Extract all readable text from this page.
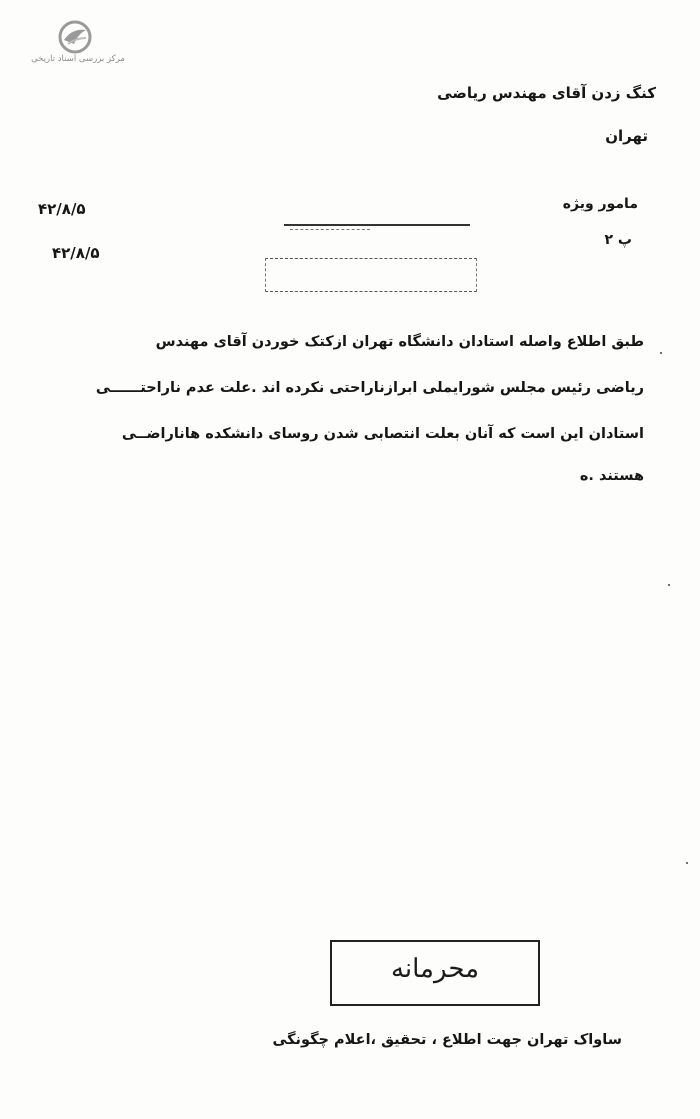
مرکز بررسی اسناد تاریخی
کنگ زدن آقای مهندس ریاضی
تهران
مامور ویژه
پ ۲
۴۲/۸/۵
۴۲/۸/۵
طبق اطلاع واصله استادان دانشگاه تهران ازکتک خوردن آقای مهندس
ریاضی رئیس مجلس شورایملی ابرازناراحتی نکرده اند .علت عدم ناراحتــــــی
استادان این است که آنان بعلت انتصابی شدن روسای دانشکده هاناراضــی
هستند .ه
محرمانه
ساواک تهران جهت اطلاع ، تحقیق ،اعلام چگونگی
